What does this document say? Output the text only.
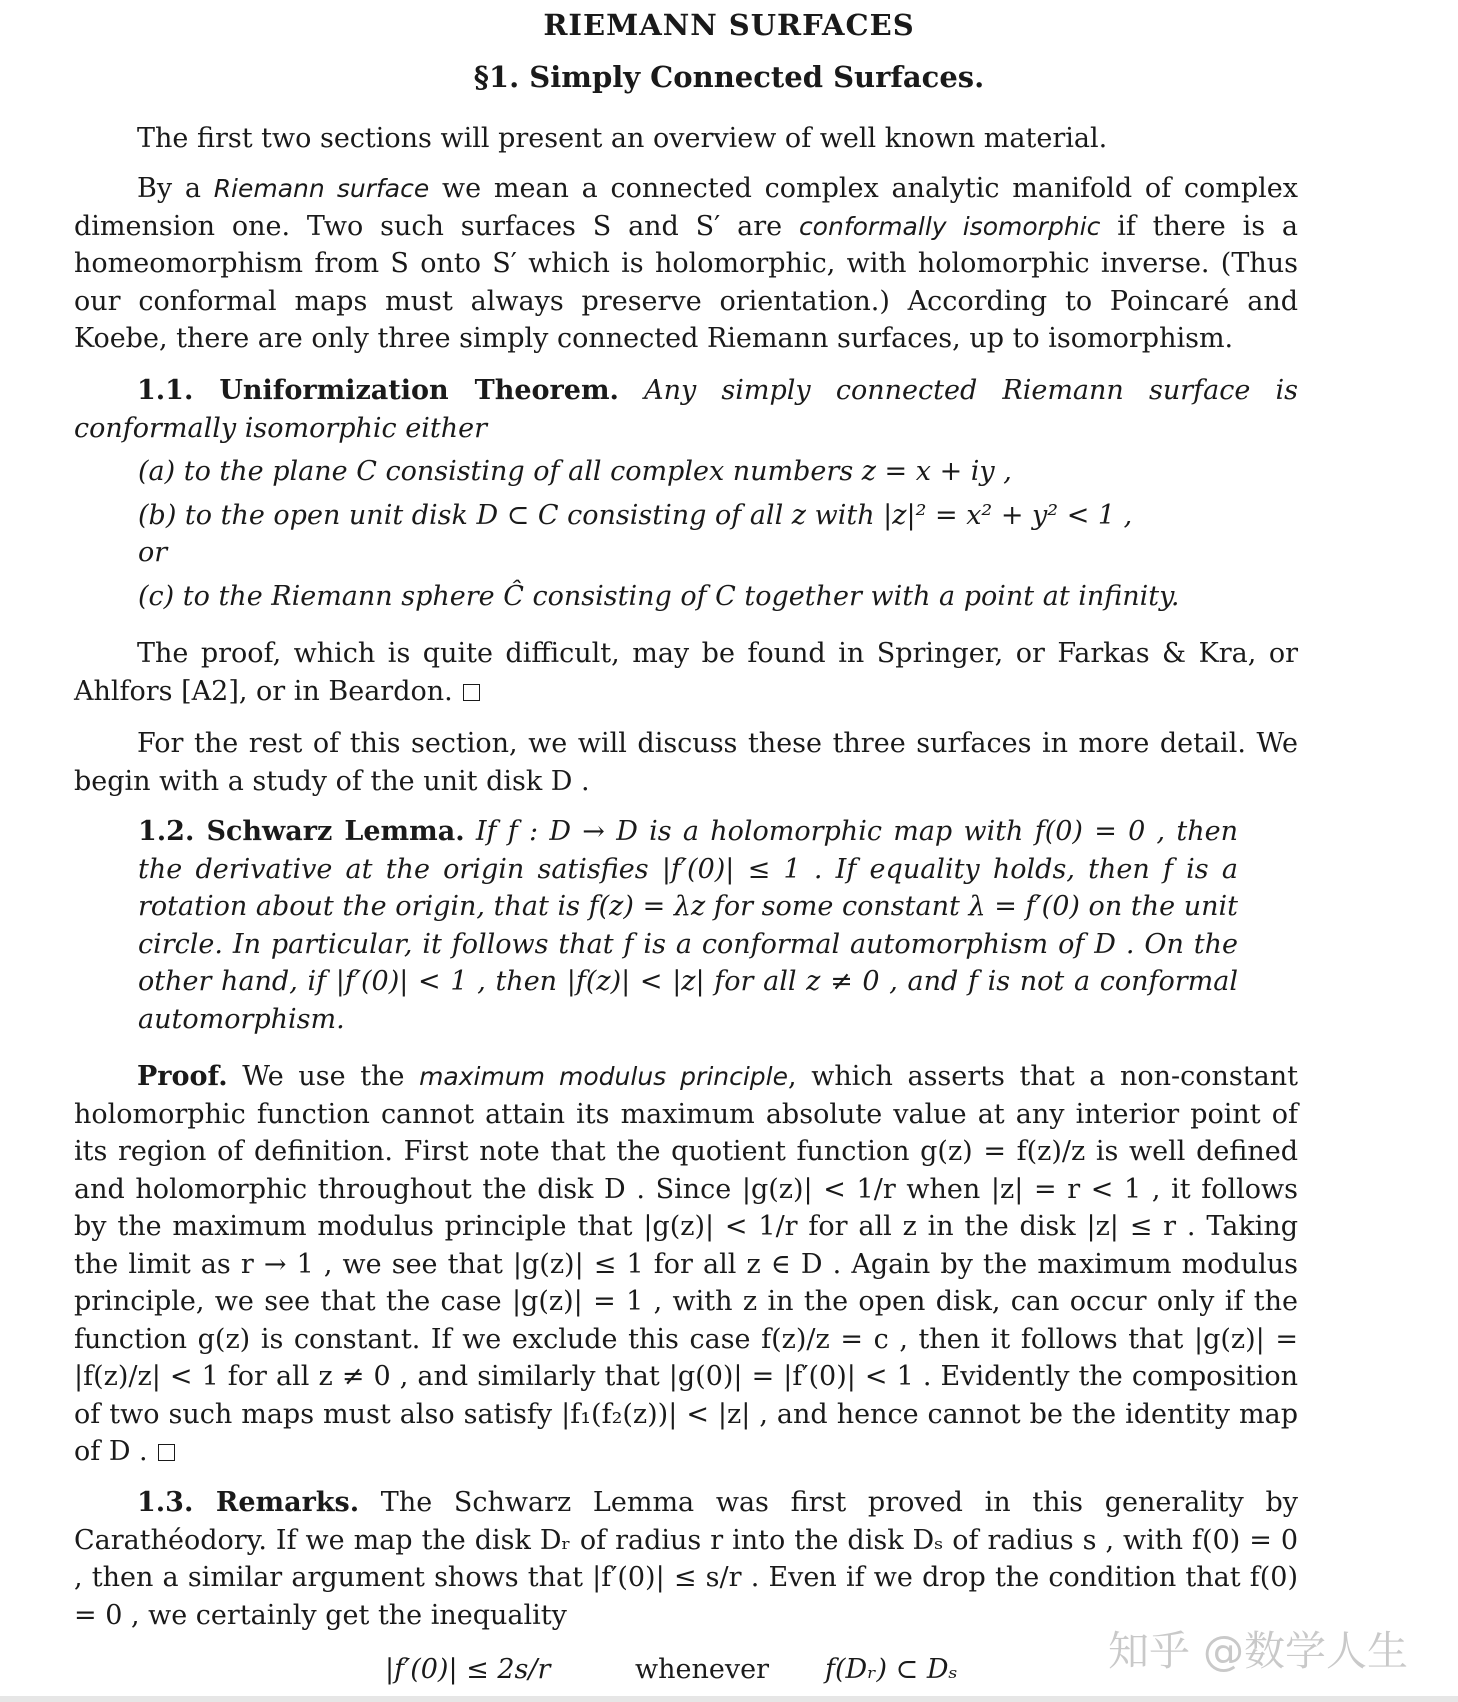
RIEMANN SURFACES
§1. Simply Connected Surfaces.

The first two sections will present an overview of well known material.

By a Riemann surface we mean a connected complex analytic manifold of complex dimension one. Two such surfaces S and S′ are conformally isomorphic if there is a homeomorphism from S onto S′ which is holomorphic, with holomorphic inverse. (Thus our conformal maps must always preserve orientation.) According to Poincaré and Koebe, there are only three simply connected Riemann surfaces, up to isomorphism.

1.1. Uniformization Theorem. Any simply connected Riemann surface is conformally isomorphic either

(a) to the plane C consisting of all complex numbers z = x + iy ,
(b) to the open unit disk D ⊂ C consisting of all z with |z|² = x² + y² < 1 ,
or
(c) to the Riemann sphere Ĉ consisting of C together with a point at infinity.

The proof, which is quite difficult, may be found in Springer, or Farkas & Kra, or Ahlfors [A2], or in Beardon.

For the rest of this section, we will discuss these three surfaces in more detail. We begin with a study of the unit disk D .

1.2. Schwarz Lemma. If f : D → D is a holomorphic map with f(0) = 0 , then the derivative at the origin satisfies |f′(0)| ≤ 1 . If equality holds, then f is a rotation about the origin, that is f(z) = λz for some constant λ = f′(0) on the unit circle. In particular, it follows that f is a conformal automorphism of D . On the other hand, if |f′(0)| < 1 , then |f(z)| < |z| for all z ≠ 0 , and f is not a conformal automorphism.

Proof. We use the maximum modulus principle, which asserts that a non-constant holomorphic function cannot attain its maximum absolute value at any interior point of its region of definition. First note that the quotient function g(z) = f(z)/z is well defined and holomorphic throughout the disk D . Since |g(z)| < 1/r when |z| = r < 1 , it follows by the maximum modulus principle that |g(z)| < 1/r for all z in the disk |z| ≤ r . Taking the limit as r → 1 , we see that |g(z)| ≤ 1 for all z ∈ D . Again by the maximum modulus principle, we see that the case |g(z)| = 1 , with z in the open disk, can occur only if the function g(z) is constant. If we exclude this case f(z)/z = c , then it follows that |g(z)| = |f(z)/z| < 1 for all z ≠ 0 , and similarly that |g(0)| = |f′(0)| < 1 . Evidently the composition of two such maps must also satisfy |f₁(f₂(z))| < |z| , and hence cannot be the identity map of D .

1.3. Remarks. The Schwarz Lemma was first proved in this generality by Carathéodory. If we map the disk Dᵣ of radius r into the disk Dₛ of radius s , with f(0) = 0 , then a similar argument shows that |f′(0)| ≤ s/r . Even if we drop the condition that f(0) = 0 , we certainly get the inequality

|f′(0)| ≤ 2s/r	whenever f(Dᵣ) ⊂ Dₛ	知乎 @数学人生
